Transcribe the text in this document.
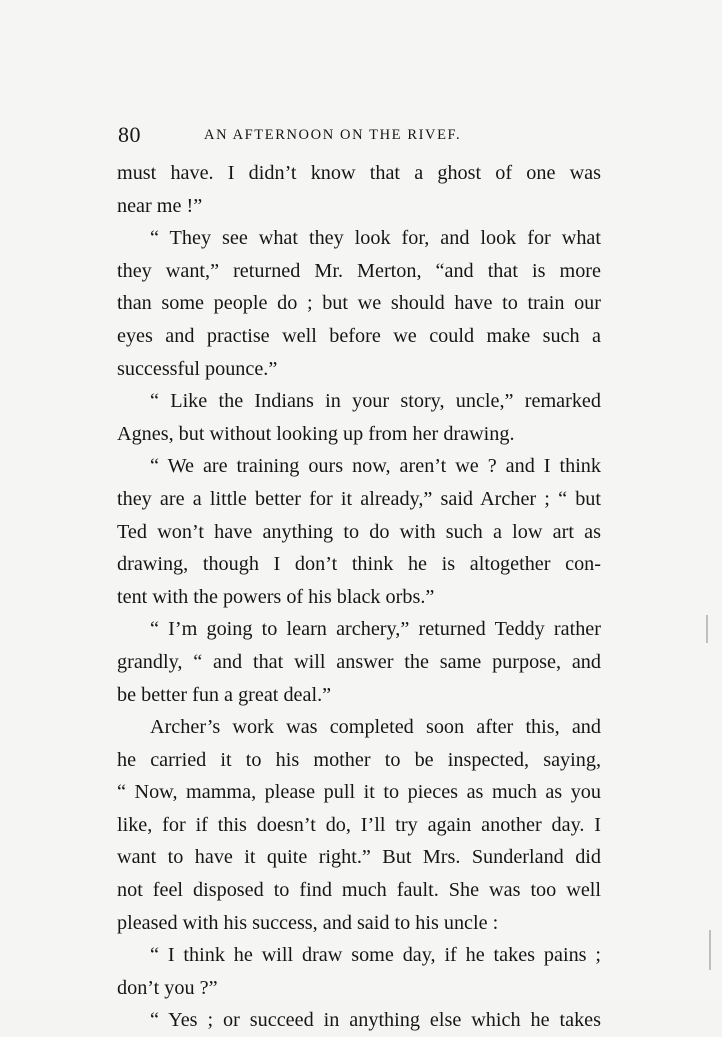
80	AN AFTERNOON ON THE RIVEF.
must have. I didn’t know that a ghost of one was
near me !”
“ They see what they look for, and look for what
they want,” returned Mr. Merton, “and that is more
than some people do ; but we should have to train our
eyes and practise well before we could make such a
successful pounce.”
“ Like the Indians in your story, uncle,” remarked
Agnes, but without looking up from her drawing.
“ We are training ours now, aren’t we ? and I think
they are a little better for it already,” said Archer ; “ but
Ted won’t have anything to do with such a low art as
drawing, though I don’t think he is altogether con-
tent with the powers of his black orbs.”
“ I’m going to learn archery,” returned Teddy rather
grandly, “ and that will answer the same purpose, and
be better fun a great deal.”
Archer’s work was completed soon after this, and
he carried it to his mother to be inspected, saying,
“ Now, mamma, please pull it to pieces as much as you
like, for if this doesn’t do, I’ll try again another day. I
want to have it quite right.” But Mrs. Sunderland did
not feel disposed to find much fault. She was too well
pleased with his success, and said to his uncle :
“ I think he will draw some day, if he takes pains ;
don’t you ?”
“ Yes ; or succeed in anything else which he takes
